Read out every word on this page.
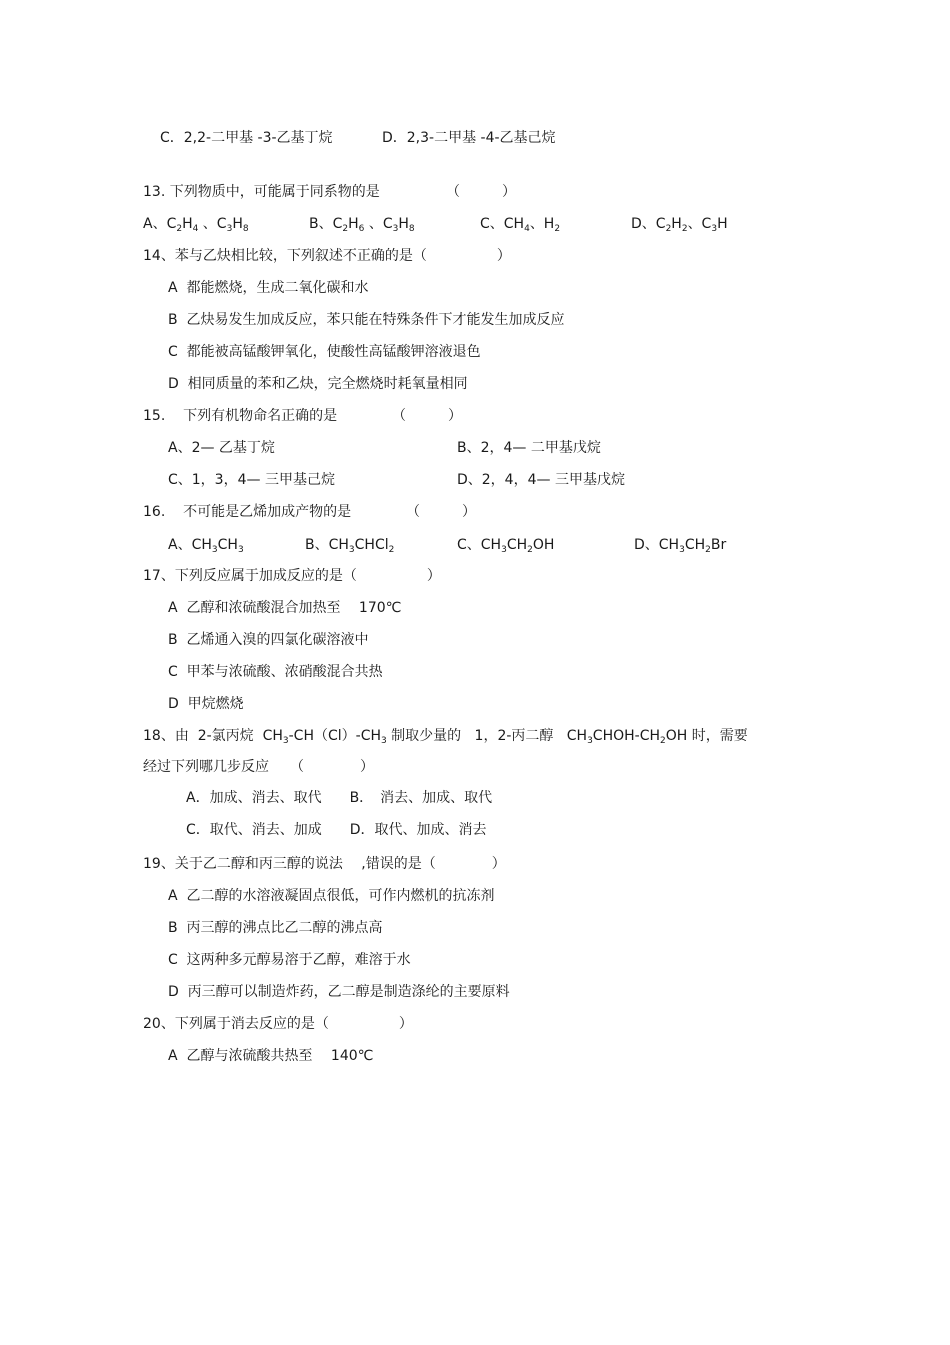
C．2,2-二甲基 -3-乙基丁烷	D．2,3-二甲基 -4-乙基己烷
13. 下列物质中，可能属于同系物的是	（　　　）
A、$C_2H_4$ 、$C_3H_8$	B、$C_2H_6$ 、$C_3H_8$	C、$CH_4$、$H_2$	D、$C_2H_2$、$C_3H$
14、苯与乙炔相比较，下列叙述不正确的是（　　　　　）
A  都能燃烧，生成二氧化碳和水
B  乙炔易发生加成反应，苯只能在特殊条件下才能发生加成反应
C  都能被高锰酸钾氧化，使酸性高锰酸钾溶液退色
D  相同质量的苯和乙炔，完全燃烧时耗氧量相同
15.    下列有机物命名正确的是	（　　　）
A、2— 乙基丁烷	B、2，4— 二甲基戊烷
C、1，3，4— 三甲基己烷	D、2，4，4— 三甲基戊烷
16.    不可能是乙烯加成产物的是	（　　　）
A、$CH_3CH_3$	B、$CH_3CHCl_2$	C、$CH_3CH_2OH$	D、$CH_3CH_2Br$
17、下列反应属于加成反应的是（　　　　　）
A  乙醇和浓硫酸混合加热至　 170℃
B  乙烯通入溴的四氯化碳溶液中
C  甲苯与浓硫酸、浓硝酸混合共热
D  甲烷燃烧
18、由  2-氯丙烷  $CH_3-CH(Cl)-CH_3$ 制取少量的   1，2-丙二醇   $CH_3CHOH-CH_2OH$ 时，需要
经过下列哪几步反应　　（　　　　）
A．加成、消去、取代　　B．　消去、加成、取代
C．取代、消去、加成　　D．取代、加成、消去
19、关于乙二醇和丙三醇的说法　 ,错误的是（　　　　）
A  乙二醇的水溶液凝固点很低，可作内燃机的抗冻剂
B  丙三醇的沸点比乙二醇的沸点高
C  这两种多元醇易溶于乙醇，难溶于水
D  丙三醇可以制造炸药，乙二醇是制造涤纶的主要原料
20、下列属于消去反应的是（　　　　　）
A  乙醇与浓硫酸共热至　 140℃
